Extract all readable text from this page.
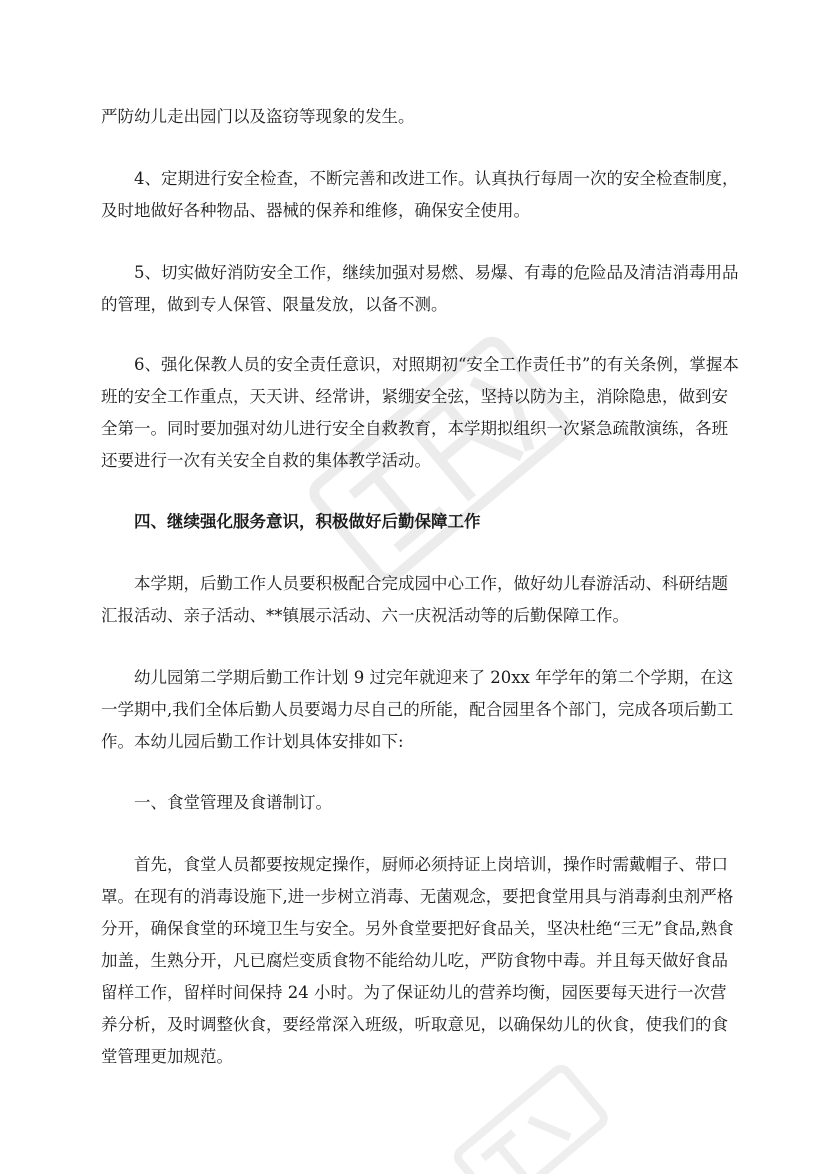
严防幼儿走出园门以及盗窃等现象的发生。

4、定期进行安全检查，不断完善和改进工作。认真执行每周一次的安全检查制度，及时地做好各种物品、器械的保养和维修，确保安全使用。

5、切实做好消防安全工作，继续加强对易燃、易爆、有毒的危险品及清洁消毒用品的管理，做到专人保管、限量发放，以备不测。

6、强化保教人员的安全责任意识，对照期初“安全工作责任书”的有关条例，掌握本班的安全工作重点，天天讲、经常讲，紧绷安全弦，坚持以防为主，消除隐患，做到安全第一。同时要加强对幼儿进行安全自救教育，本学期拟组织一次紧急疏散演练，各班还要进行一次有关安全自救的集体教学活动。

四、继续强化服务意识，积极做好后勤保障工作

本学期，后勤工作人员要积极配合完成园中心工作，做好幼儿春游活动、科研结题汇报活动、亲子活动、**镇展示活动、六一庆祝活动等的后勤保障工作。

幼儿园第二学期后勤工作计划 9 过完年就迎来了 20xx 年学年的第二个学期，在这一学期中,我们全体后勤人员要竭力尽自己的所能，配合园里各个部门，完成各项后勤工作。本幼儿园后勤工作计划具体安排如下:

一、食堂管理及食谱制订。

首先，食堂人员都要按规定操作，厨师必须持证上岗培训，操作时需戴帽子、带口罩。在现有的消毒设施下,进一步树立消毒、无菌观念，要把食堂用具与消毒刹虫剂严格分开，确保食堂的环境卫生与安全。另外食堂要把好食品关，坚决杜绝“三无”食品,熟食加盖，生熟分开，凡已腐烂变质食物不能给幼儿吃，严防食物中毒。并且每天做好食品留样工作，留样时间保持 24 小时。为了保证幼儿的营养均衡，园医要每天进行一次营养分析，及时调整伙食，要经常深入班级，听取意见，以确保幼儿的伙食，使我们的食堂管理更加规范。
